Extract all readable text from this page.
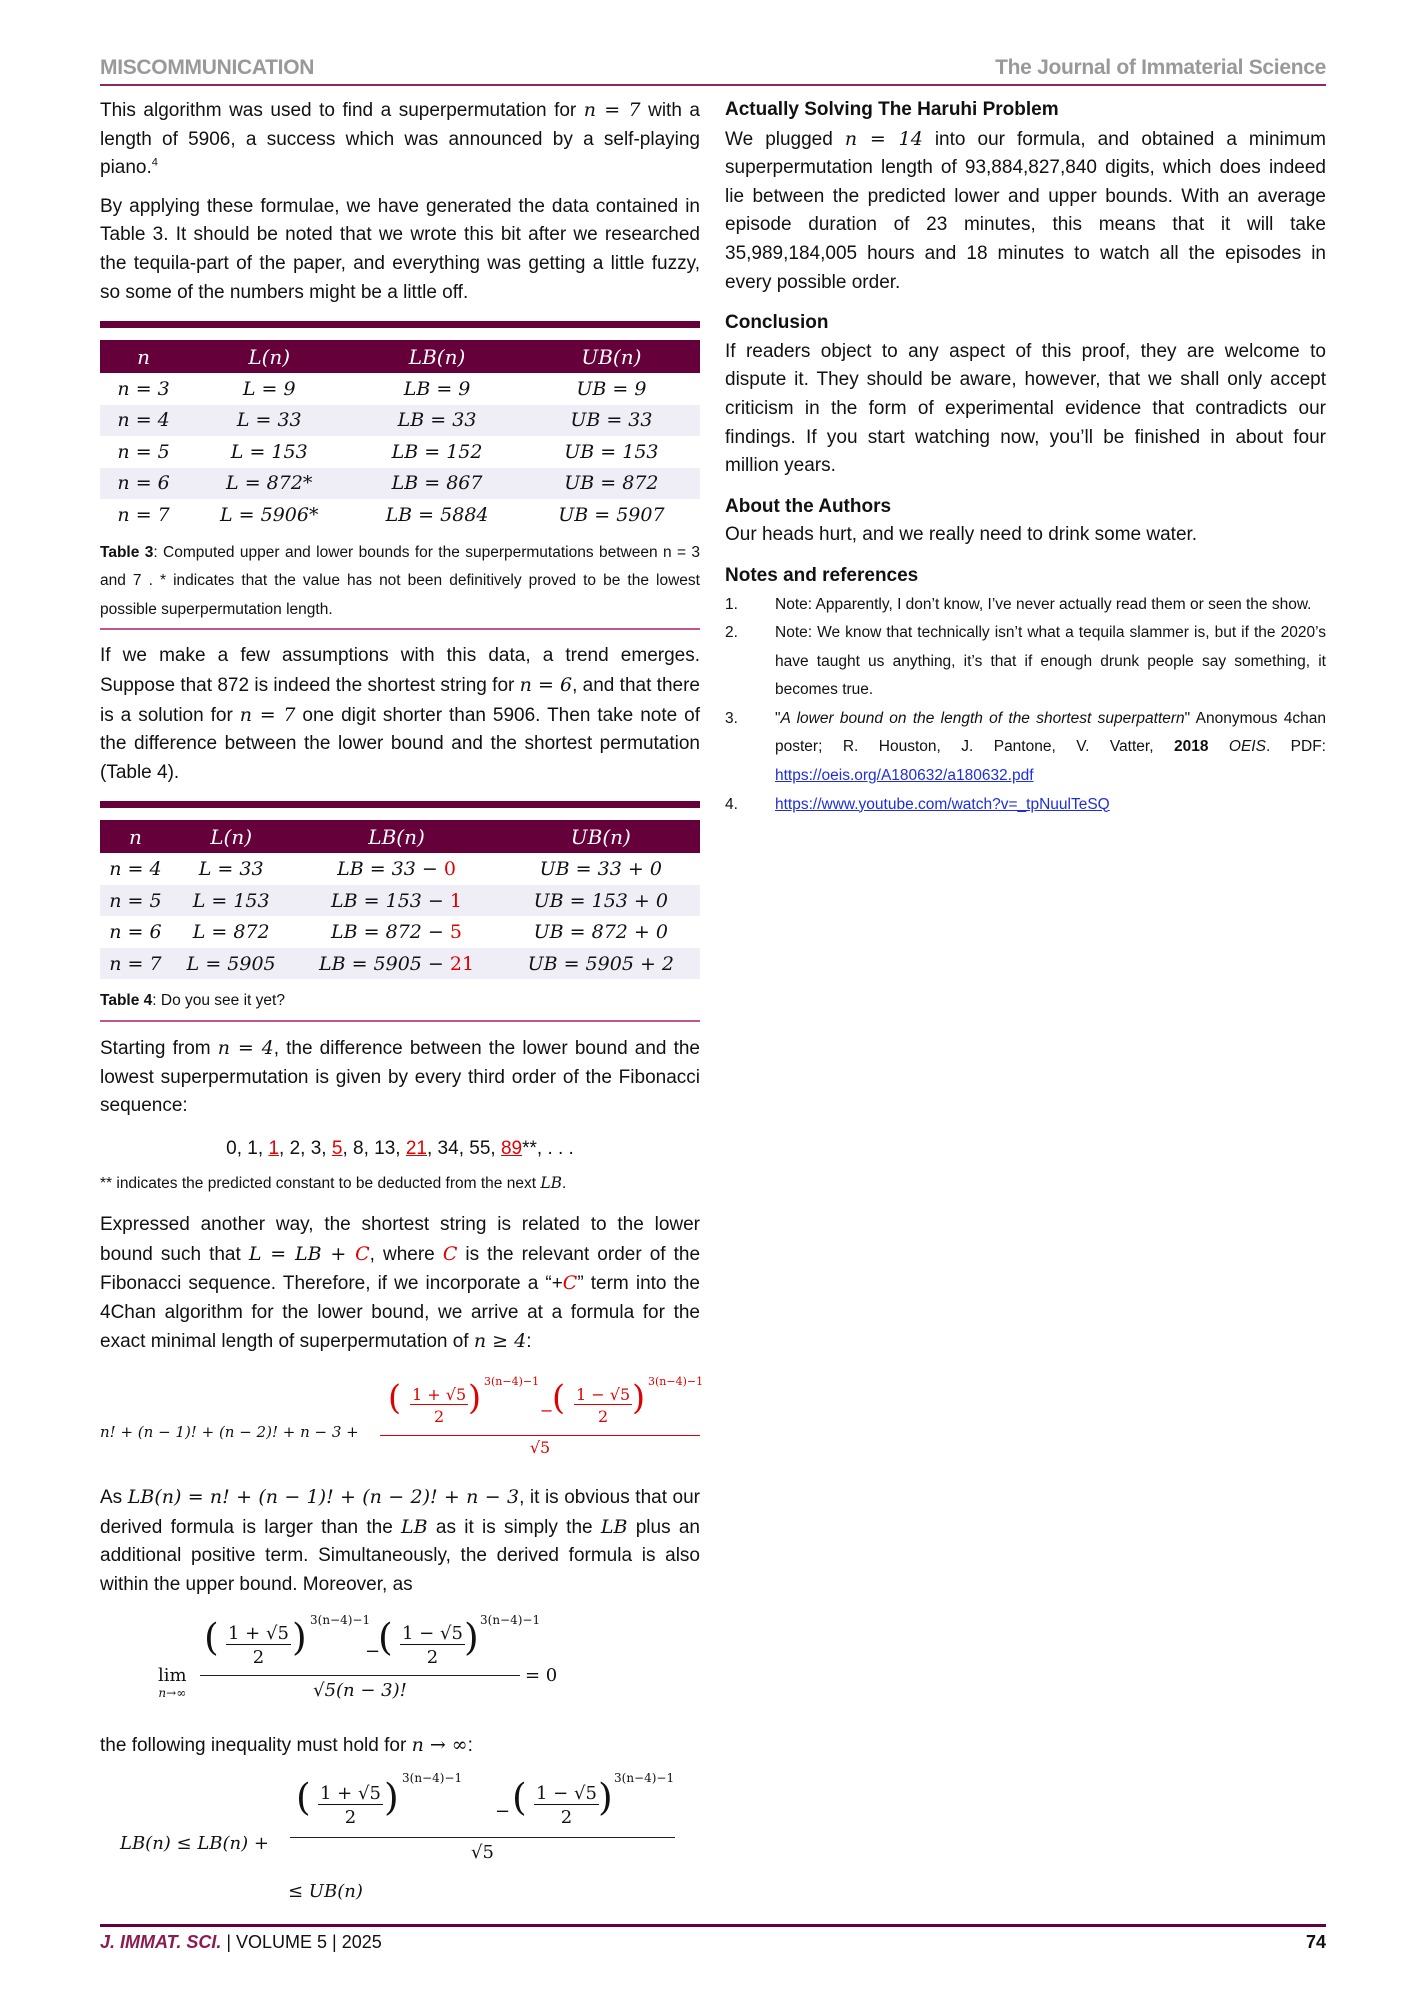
MISCOMMUNICATION	The Journal of Immaterial Science

This algorithm was used to find a superpermutation for n = 7 with a length of 5906, a success which was announced by a self-playing piano.$^4$

By applying these formulae, we have generated the data contained in Table 3. It should be noted that we wrote this bit after we researched the tequila-part of the paper, and everything was getting a little fuzzy, so some of the numbers might be a little off.

n	L(n)	LB(n)	UB(n)
n = 3	L = 9	LB = 9	UB = 9
n = 4	L = 33	LB = 33	UB = 33
n = 5	L = 153	LB = 152	UB = 153
n = 6	L = 872*	LB = 867	UB = 872
n = 7	L = 5906*	LB = 5884	UB = 5907
Table 3: Computed upper and lower bounds for the superpermutations between n = 3 and 7 . * indicates that the value has not been definitively proved to be the lowest possible superpermutation length.

If we make a few assumptions with this data, a trend emerges. Suppose that 872 is indeed the shortest string for n = 6, and that there is a solution for n = 7 one digit shorter than 5906. Then take note of the difference between the lower bound and the shortest permutation (Table 4).

n	L(n)	LB(n)	UB(n)
n = 4	L = 33	LB = 33 − 0	UB = 33 + 0
n = 5	L = 153	LB = 153 − 1	UB = 153 + 0
n = 6	L = 872	LB = 872 − 5	UB = 872 + 0
n = 7	L = 5905	LB = 5905 − 21	UB = 5905 + 2
Table 4: Do you see it yet?

Starting from n = 4, the difference between the lower bound and the lowest superpermutation is given by every third order of the Fibonacci sequence:

0, 1, 1, 2, 3, 5, 8, 13, 21, 34, 55, 89**, . . .
** indicates the predicted constant to be deducted from the next LB.

Expressed another way, the shortest string is related to the lower bound such that L = LB + C, where C is the relevant order of the Fibonacci sequence. Therefore, if we incorporate a “+C” term into the 4Chan algorithm for the lower bound, we arrive at a formula for the exact minimal length of superpermutation of n ≥ 4:

n! + (n − 1)! + (n − 2)! + n − 3 +
( $\frac{1 + √5}{2}$ ) 3(n−4)−1
−
( $\frac{1 - √5}{2}$ ) 3(n−4)−1
√5

As LB(n) = n! + (n − 1)! + (n − 2)! + n − 3, it is obvious that our derived formula is larger than the LB as it is simply the LB plus an additional positive term. Simultaneously, the derived formula is also within the upper bound. Moreover, as

lim
n→∞
( $\frac{1 + √5}{2}$ ) 3(n−4)−1
−
( $\frac{1 - √5}{2}$ ) 3(n−4)−1
√5(n − 3)!
= 0

the following inequality must hold for n → ∞:

LB(n) ≤ LB(n) +
( $\frac{1 + √5}{2}$ ) 3(n−4)−1
− ( $\frac{1 - √5}{2}$ ) 3(n−4)−1
√5
≤ UB(n)
Actually Solving The Haruhi Problem

We plugged n = 14 into our formula, and obtained a minimum superpermutation length of 93,884,827,840 digits, which does indeed lie between the predicted lower and upper bounds. With an average episode duration of 23 minutes, this means that it will take 35,989,184,005 hours and 18 minutes to watch all the episodes in every possible order.

Conclusion

If readers object to any aspect of this proof, they are welcome to dispute it. They should be aware, however, that we shall only accept criticism in the form of experimental evidence that contradicts our findings. If you start watching now, you’ll be finished in about four million years.

About the Authors

Our heads hurt, and we really need to drink some water.

Notes and references
1. Note: Apparently, I don’t know, I’ve never actually read them or seen the show.
2. Note: We know that technically isn’t what a tequila slammer is, but if the 2020’s have taught us anything, it’s that if enough drunk people say something, it becomes true.
3. "A lower bound on the length of the shortest superpattern" Anonymous 4chan poster; R. Houston, J. Pantone, V. Vatter, 2018 OEIS. PDF: https://oeis.org/A180632/a180632.pdf
4. https://www.youtube.com/watch?v=_tpNuulTeSQ
J. IMMAT. SCI. | VOLUME 5 | 2025	74
